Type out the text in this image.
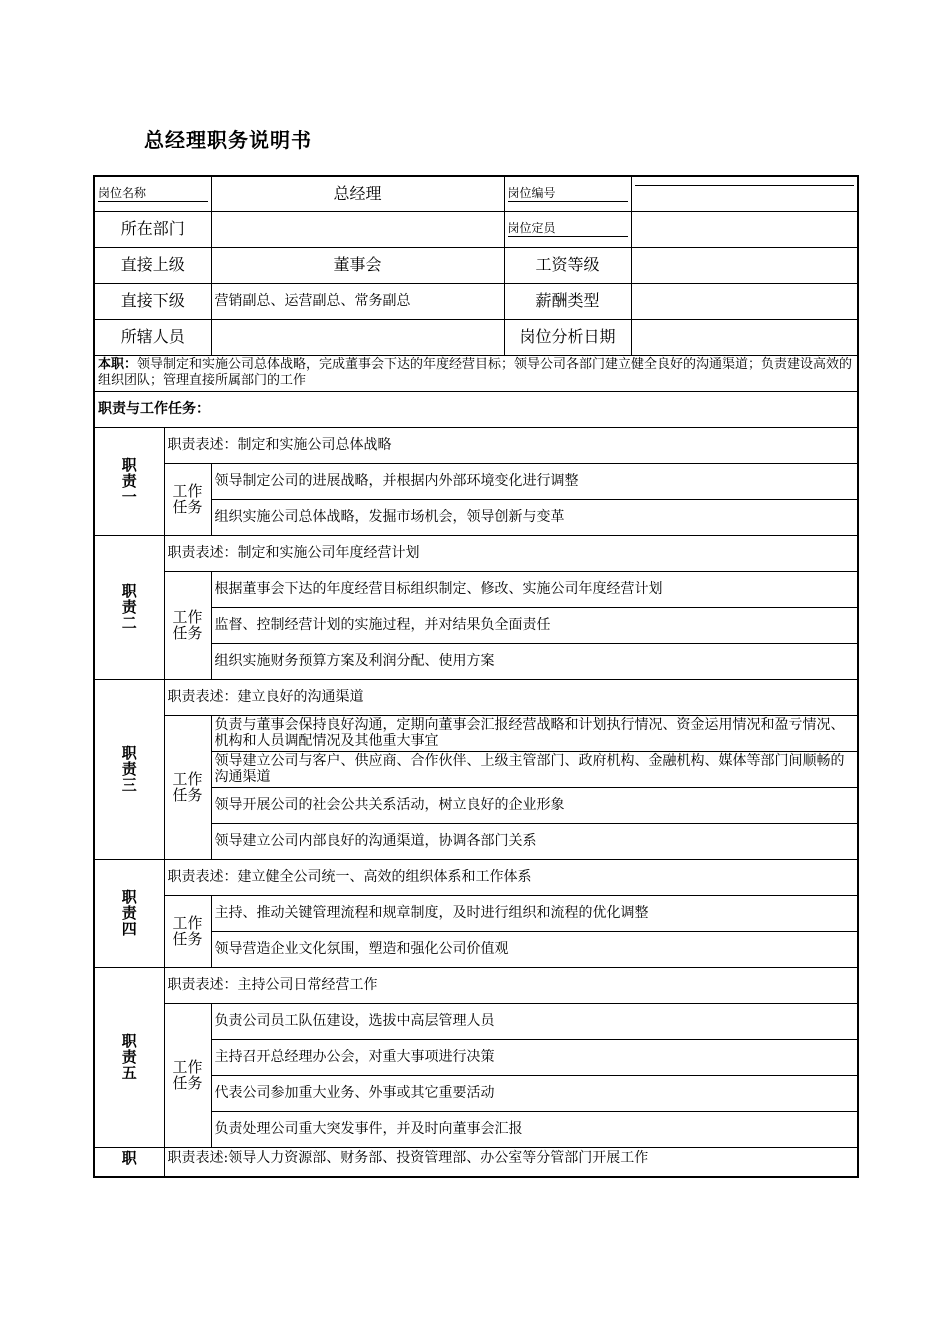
总经理职务说明书
岗位名称		总经理	岗位编号	

所在部门			岗位定员	

直接上级		董事会	工资等级	
直接下级		营销副总、运营副总、常务副总	薪酬类型	
所辖人员			岗位分析日期	
本职：领导制定和实施公司总体战略，完成董事会下达的年度经营目标；领导公司各部门建立健全良好的沟通渠道；负责建设高效的组织团队；管理直接所属部门的工作				
职责与工作任务：				
职责一	职责表述：制定和实施公司总体战略			
	工作任务	领导制定公司的进展战略，并根据内外部环境变化进行调整		
		组织实施公司总体战略，发掘市场机会，领导创新与变革		
职责二	职责表述：制定和实施公司年度经营计划			
	工作任务	根据董事会下达的年度经营目标组织制定、修改、实施公司年度经营计划		
		监督、控制经营计划的实施过程，并对结果负全面责任		
		组织实施财务预算方案及利润分配、使用方案		
职责三	职责表述：建立良好的沟通渠道			
	工作任务	负责与董事会保持良好沟通，定期向董事会汇报经营战略和计划执行情况、资金运用情况和盈亏情况、机构和人员调配情况及其他重大事宜		
		领导建立公司与客户、供应商、合作伙伴、上级主管部门、政府机构、金融机构、媒体等部门间顺畅的沟通渠道		
		领导开展公司的社会公共关系活动，树立良好的企业形象		
		领导建立公司内部良好的沟通渠道，协调各部门关系		
职责四	职责表述：建立健全公司统一、高效的组织体系和工作体系			
	工作任务	主持、推动关键管理流程和规章制度，及时进行组织和流程的优化调整		
		领导营造企业文化氛围，塑造和强化公司价值观		
职责五	职责表述：主持公司日常经营工作			
	工作任务	负责公司员工队伍建设，选拔中高层管理人员		
		主持召开总经理办公会，对重大事项进行决策		
		代表公司参加重大业务、外事或其它重要活动		
		负责处理公司重大突发事件，并及时向董事会汇报		
职	职责表述:领导人力资源部、财务部、投资管理部、办公室等分管部门开展工作			
